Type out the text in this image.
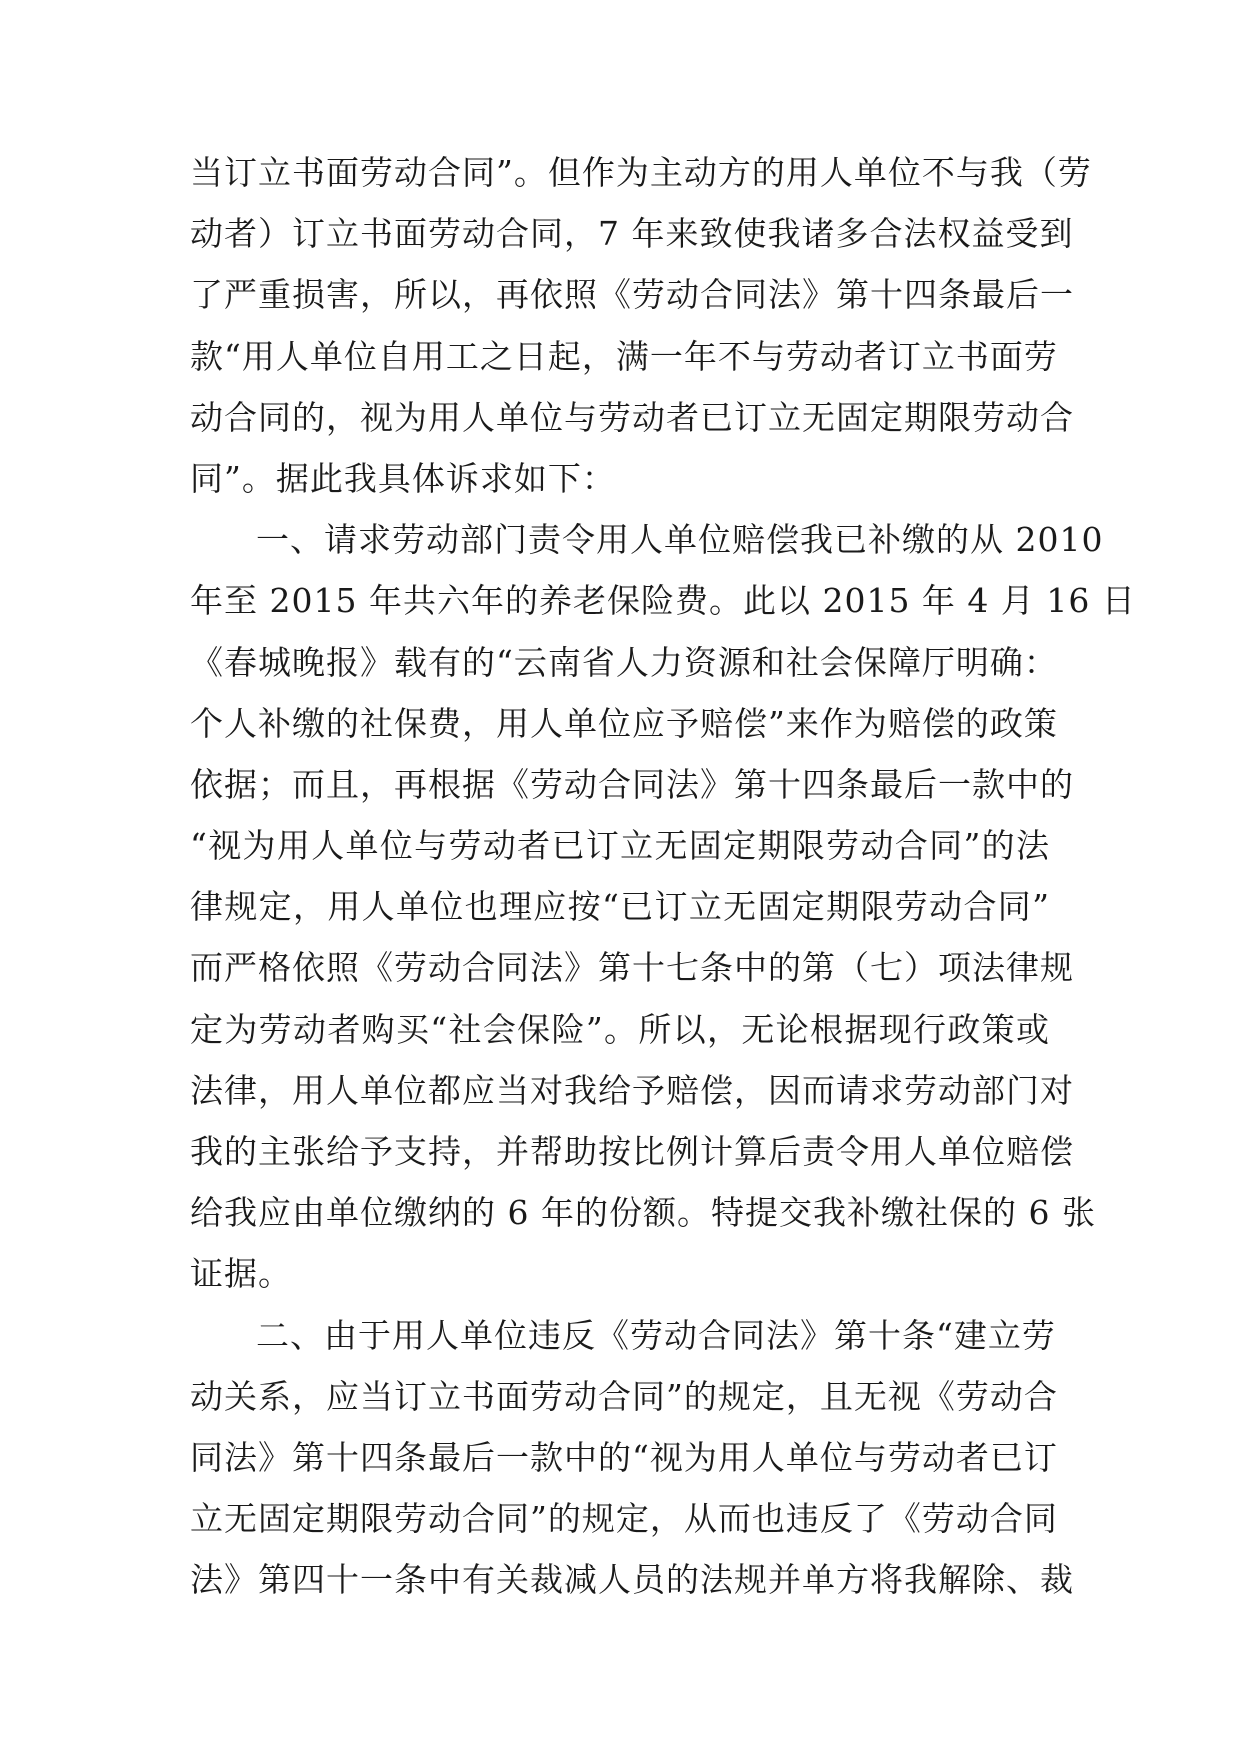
当订立书面劳动合同”。但作为主动方的用人单位不与我（劳
动者）订立书面劳动合同，7 年来致使我诸多合法权益受到
了严重损害，所以，再依照《劳动合同法》第十四条最后一
款“用人单位自用工之日起，满一年不与劳动者订立书面劳
动合同的，视为用人单位与劳动者已订立无固定期限劳动合
同”。据此我具体诉求如下：
一、请求劳动部门责令用人单位赔偿我已补缴的从 2010
年至 2015 年共六年的养老保险费。此以 2015 年 4 月 16 日
《春城晚报》载有的“云南省人力资源和社会保障厅明确：
个人补缴的社保费，用人单位应予赔偿”来作为赔偿的政策
依据；而且，再根据《劳动合同法》第十四条最后一款中的
“视为用人单位与劳动者已订立无固定期限劳动合同”的法
律规定，用人单位也理应按“已订立无固定期限劳动合同”
而严格依照《劳动合同法》第十七条中的第（七）项法律规
定为劳动者购买“社会保险”。所以，无论根据现行政策或
法律，用人单位都应当对我给予赔偿，因而请求劳动部门对
我的主张给予支持，并帮助按比例计算后责令用人单位赔偿
给我应由单位缴纳的 6 年的份额。特提交我补缴社保的 6 张
证据。
二、由于用人单位违反《劳动合同法》第十条“建立劳
动关系，应当订立书面劳动合同”的规定，且无视《劳动合
同法》第十四条最后一款中的“视为用人单位与劳动者已订
立无固定期限劳动合同”的规定，从而也违反了《劳动合同
法》第四十一条中有关裁减人员的法规并单方将我解除、裁
